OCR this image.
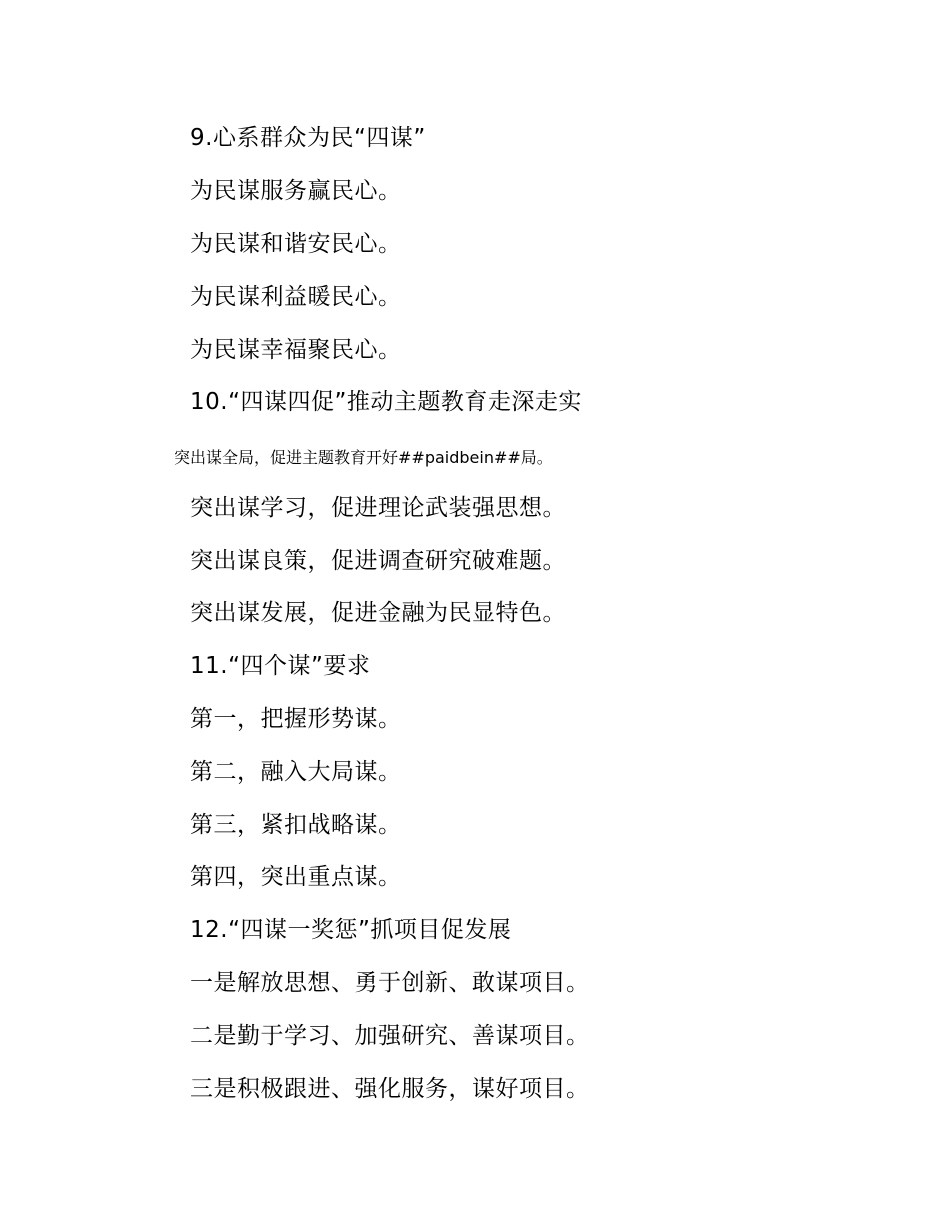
9.心系群众为民“四谋”
为民谋服务赢民心。
为民谋和谐安民心。
为民谋利益暖民心。
为民谋幸福聚民心。
10.“四谋四促”推动主题教育走深走实
突出谋全局，促进主题教育开好##paidbein##局。
突出谋学习，促进理论武装强思想。
突出谋良策，促进调查研究破难题。
突出谋发展，促进金融为民显特色。
11.“四个谋”要求
第一，把握形势谋。
第二，融入大局谋。
第三，紧扣战略谋。
第四，突出重点谋。
12.“四谋一奖惩”抓项目促发展
一是解放思想、勇于创新、敢谋项目。
二是勤于学习、加强研究、善谋项目。
三是积极跟进、强化服务，谋好项目。
